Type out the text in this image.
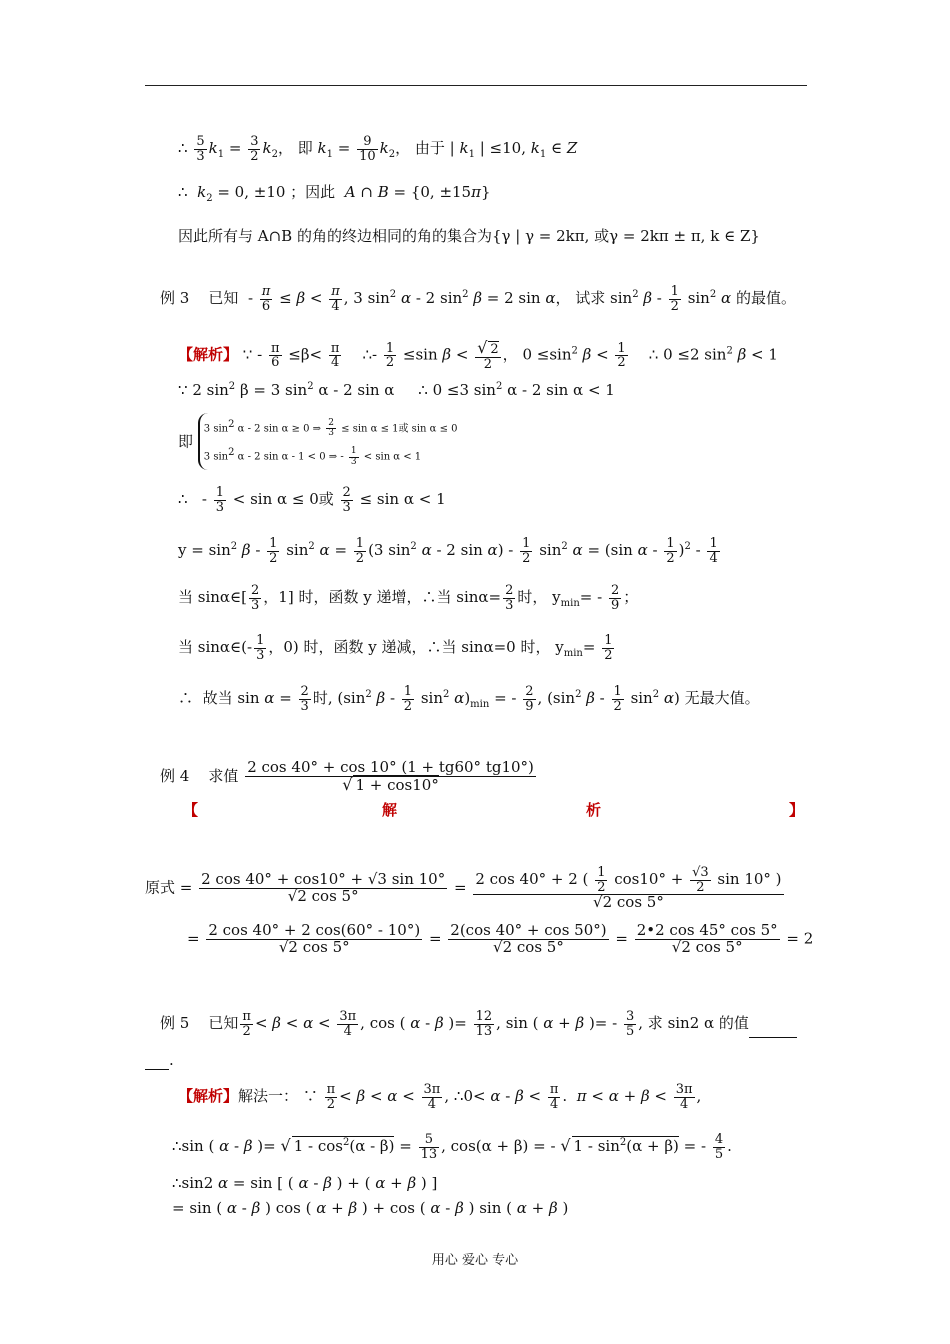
∴ $\frac{5}{3} k_1 = \frac{3}{2} k_2$， 即 $k_1 = \frac{9}{10} k_2$， 由于 | $k_1$ | ≤10, $k_1$ ∈ Z
∴ $k_2 = 0$, ±10 ；因此 A ∩ B = {0, ±15π}
因此所有与 A∩B 的角的终边相同的角的集合为{γ | γ = 2kπ, 或γ = 2kπ ± π, k ∈ Z}
例 3 已知  - $\frac{\pi}{6} \le \beta < \frac{\pi}{4}$ , 3 $\sin^2 \alpha - 2$ $\sin^2 \beta = 2$ sin α， 试求 $\sin^2 \beta - \frac{1}{2} \sin^2 \alpha$ 的最值。
【解析】 ∵ - $\frac{\pi}{6} \le\beta< \frac{\pi}{4}$ ∴- $\frac{1}{2} \le\sin$ $\beta < \frac{√ 2}{2}$ ， $0 \le\sin^2$ $\beta < \frac{1}{2}$ ∴ 0 ≤2 $\sin^2 \beta < 1$
∵ 2 $\sin^2 \beta = 3$ $\sin^2 \alpha - 2$ sin α     ∴ 0 ≤3 $\sin^2 \alpha - 2$ sin α < 1
即 3 $\sin^2 \alpha - 2$ sin α ≥ 0 ⇒ $\frac{2}{3} \le \sin \alpha \le 1$或 sin α ≤ 0
3 $\sin^2 \alpha - 2$ sin α - 1 < 0 ⇒ - $\frac{1}{3} < \sin \alpha < 1$
∴   - $\frac{1}{3} < \sin \alpha \le 0$或 $\frac{2}{3} \le \sin \alpha < 1$
$y = \sin^2 \beta - \frac{1}{2} \sin^2 \alpha = \frac{1}{2} (3$ $\sin^2 \alpha - 2$ $\sin \alpha) - \frac{1}{2} \sin^2 \alpha = (\sin$ α - $\frac{1}{2} )^2 - \frac{1}{4}$
当 sinα∈[ $\frac{2}{3}$ ，1] 时，函数 y 递增，∴当 $\sin\alpha= \frac{2}{3}$ 时， $y_{min}= - \frac{2}{9}$ ；
当 sinα∈(- $\frac{1}{3}$ ，0) 时，函数 y 递减，∴当 sinα=0 时， $y_{min}= \frac{1}{2}$
∴ 故当 $\sin \alpha = \frac{2}{3}$ 时, ($\sin^2$ β - $\frac{1}{2} \sin^2 \alpha)_{min}$ = - $\frac{2}{9}$ , ($\sin^2$ β - $\frac{1}{2} \sin^2 \alpha$) 无最大值。
例 4 求值 $\frac{2 \cos 40^\circ + \cos 10^\circ (1 + tg60^\circ tg10^\circ)}{√ 1 + \cos 10^\circ}$
【	解	析	】
原式 = $\frac{2 \cos 40^\circ + \cos 10^\circ + √3 \sin 10^\circ}{√2 \cos 5^\circ} = \frac{2 \cos 40^\circ + 2 ( \frac{1}{2} \cos 10^\circ + \frac{√3}{2} \sin 10^\circ )}{√2 \cos 5^\circ}$
= $\frac{2 \cos 40^\circ + 2 \cos(60^\circ - 10^\circ)}{√2 \cos 5^\circ} = \frac{2(\cos 40^\circ + \cos 50^\circ)}{√2 \cos 5^\circ} = \frac{2•2 \cos 45^\circ \cos 5^\circ}{√2 \cos 5^\circ} = 2$
例 5 已知 $\frac{\pi}{2} < \beta < \alpha < \frac{3\pi}{4}$ , cos ( α - β )= $\frac{12}{13}$ , sin ( α + β )= - $\frac{3}{5}$ , 求 sin2 α 的值
.
【解析】解法一： ∵ $\frac{\pi}{2} < \beta < \alpha < \frac{3\pi}{4}$ , ∴0< $\alpha - \beta < \frac{\pi}{4}$ .  $\pi < \alpha + \beta < \frac{3\pi}{4}$ ,
∴sin ( α - β )= √ $1 - \cos^2(\alpha - \beta) = \frac{5}{13}$ , cos(α + β) = - √ $1 - \sin^2(\alpha + \beta)$ = - $\frac{4}{5}$ .
∴sin2 α = sin [ ( α - β ) + ( α + β ) ]
= sin ( α - β ) cos ( α + β ) + cos ( α - β ) sin ( α + β )
用心 爱心 专心
